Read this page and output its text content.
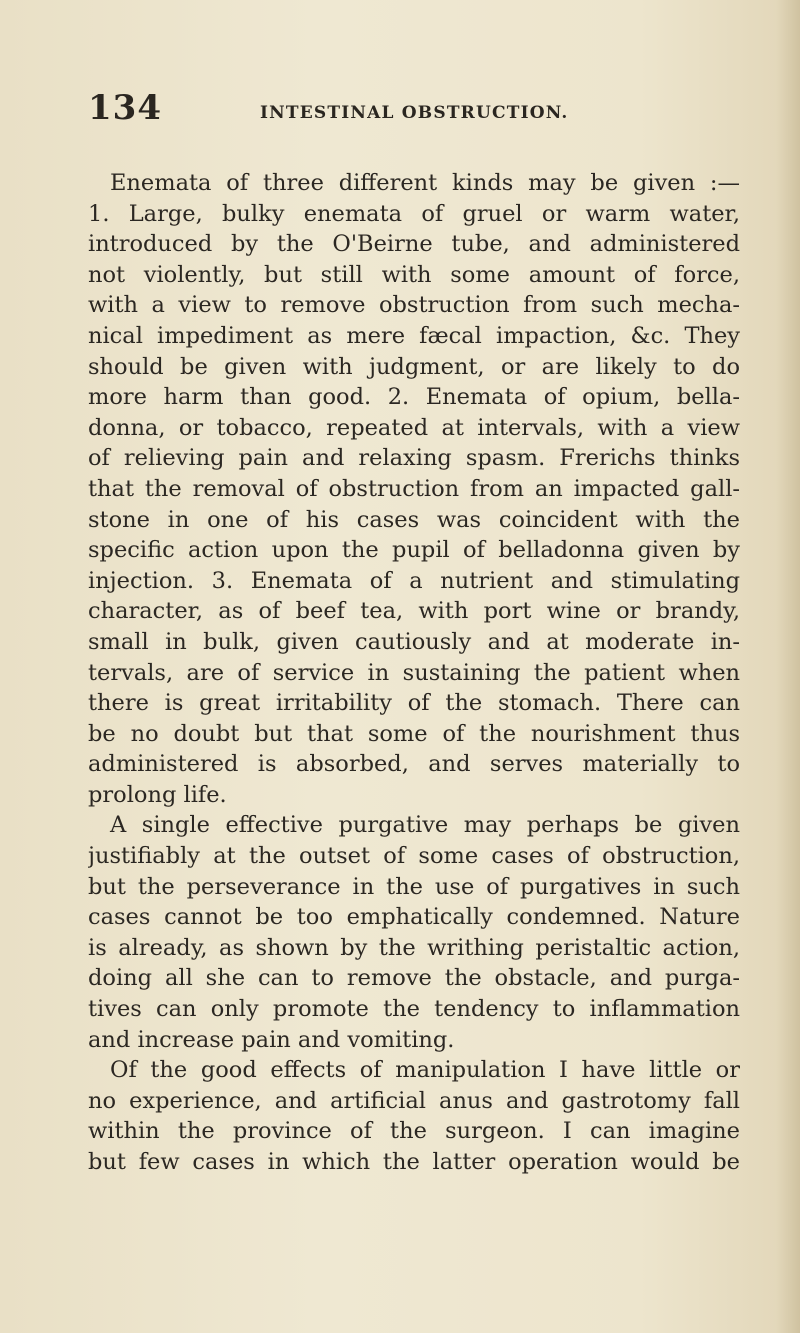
134	INTESTINAL OBSTRUCTION.
Enemata of three different kinds may be given :—
1. Large, bulky enemata of gruel or warm water,
introduced by the O'Beirne tube, and administered
not violently, but still with some amount of force,
with a view to remove obstruction from such mecha-
nical impediment as mere fæcal impaction, &c. They
should be given with judgment, or are likely to do
more harm than good. 2. Enemata of opium, bella-
donna, or tobacco, repeated at intervals, with a view
of relieving pain and relaxing spasm. Frerichs thinks
that the removal of obstruction from an impacted gall-
stone in one of his cases was coincident with the
specific action upon the pupil of belladonna given by
injection. 3. Enemata of a nutrient and stimulating
character, as of beef tea, with port wine or brandy,
small in bulk, given cautiously and at moderate in-
tervals, are of service in sustaining the patient when
there is great irritability of the stomach. There can
be no doubt but that some of the nourishment thus
administered is absorbed, and serves materially to
prolong life.
A single effective purgative may perhaps be given
justifiably at the outset of some cases of obstruction,
but the perseverance in the use of purgatives in such
cases cannot be too emphatically condemned. Nature
is already, as shown by the writhing peristaltic action,
doing all she can to remove the obstacle, and purga-
tives can only promote the tendency to inflammation
and increase pain and vomiting.
Of the good effects of manipulation I have little or
no experience, and artificial anus and gastrotomy fall
within the province of the surgeon. I can imagine
but few cases in which the latter operation would be
